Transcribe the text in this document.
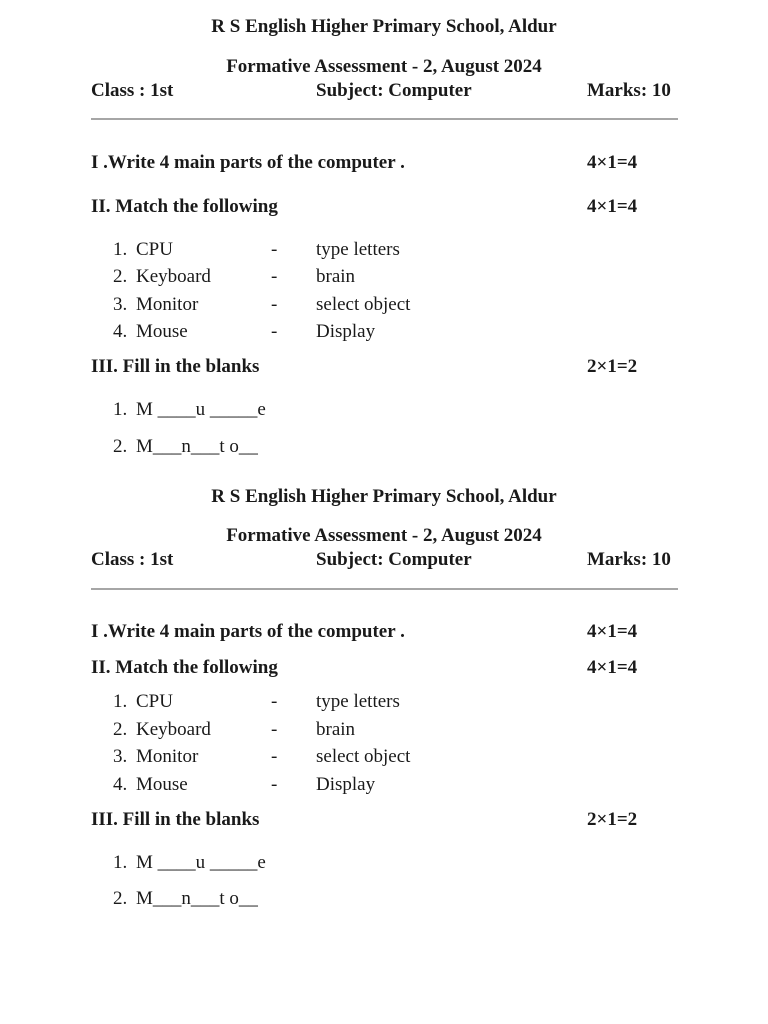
R S English Higher Primary School, Aldur
Formative Assessment - 2, August 2024
Class : 1st	Subject: Computer	Marks: 10
I .Write 4 main parts of the computer .	4×1=4
II. Match the following	4×1=4
1. CPU	- type letters
2. Keyboard	- brain
3. Monitor	- select object
4. Mouse	- Display
III. Fill in the blanks	2×1=2
1. M ____u _____e
2. M___n___t o__
R S English Higher Primary School, Aldur
Formative Assessment - 2, August 2024
Class : 1st	Subject: Computer	Marks: 10
I .Write 4 main parts of the computer .	4×1=4
II. Match the following	4×1=4
1. CPU	- type letters
2. Keyboard	- brain
3. Monitor	- select object
4. Mouse	- Display
III. Fill in the blanks	2×1=2
1. M ____u _____e
2. M___n___t o__
